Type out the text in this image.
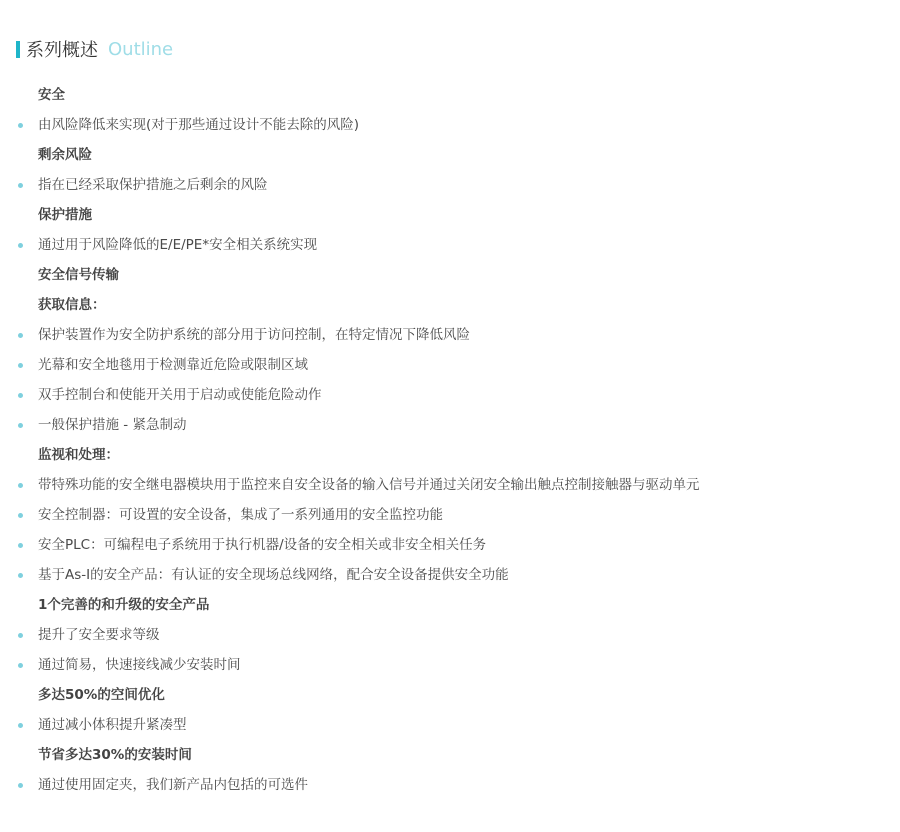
系列概述 Outline
安全
由风险降低来实现(对于那些通过设计不能去除的风险)
剩余风险
指在已经采取保护措施之后剩余的风险
保护措施
通过用于风险降低的E/E/PE*安全相关系统实现
安全信号传输
获取信息：
保护装置作为安全防护系统的部分用于访问控制，在特定情况下降低风险
光幕和安全地毯用于检测靠近危险或限制区域
双手控制台和使能开关用于启动或使能危险动作
一般保护措施 - 紧急制动
监视和处理：
带特殊功能的安全继电器模块用于监控来自安全设备的输入信号并通过关闭安全输出触点控制接触器与驱动单元
安全控制器：可设置的安全设备，集成了一系列通用的安全监控功能
安全PLC：可编程电子系统用于执行机器/设备的安全相关或非安全相关任务
基于As-I的安全产品：有认证的安全现场总线网络，配合安全设备提供安全功能
1个完善的和升级的安全产品
提升了安全要求等级
通过简易，快速接线减少安装时间
多达50%的空间优化
通过减小体积提升紧凑型
节省多达30%的安装时间
通过使用固定夹，我们新产品内包括的可选件
